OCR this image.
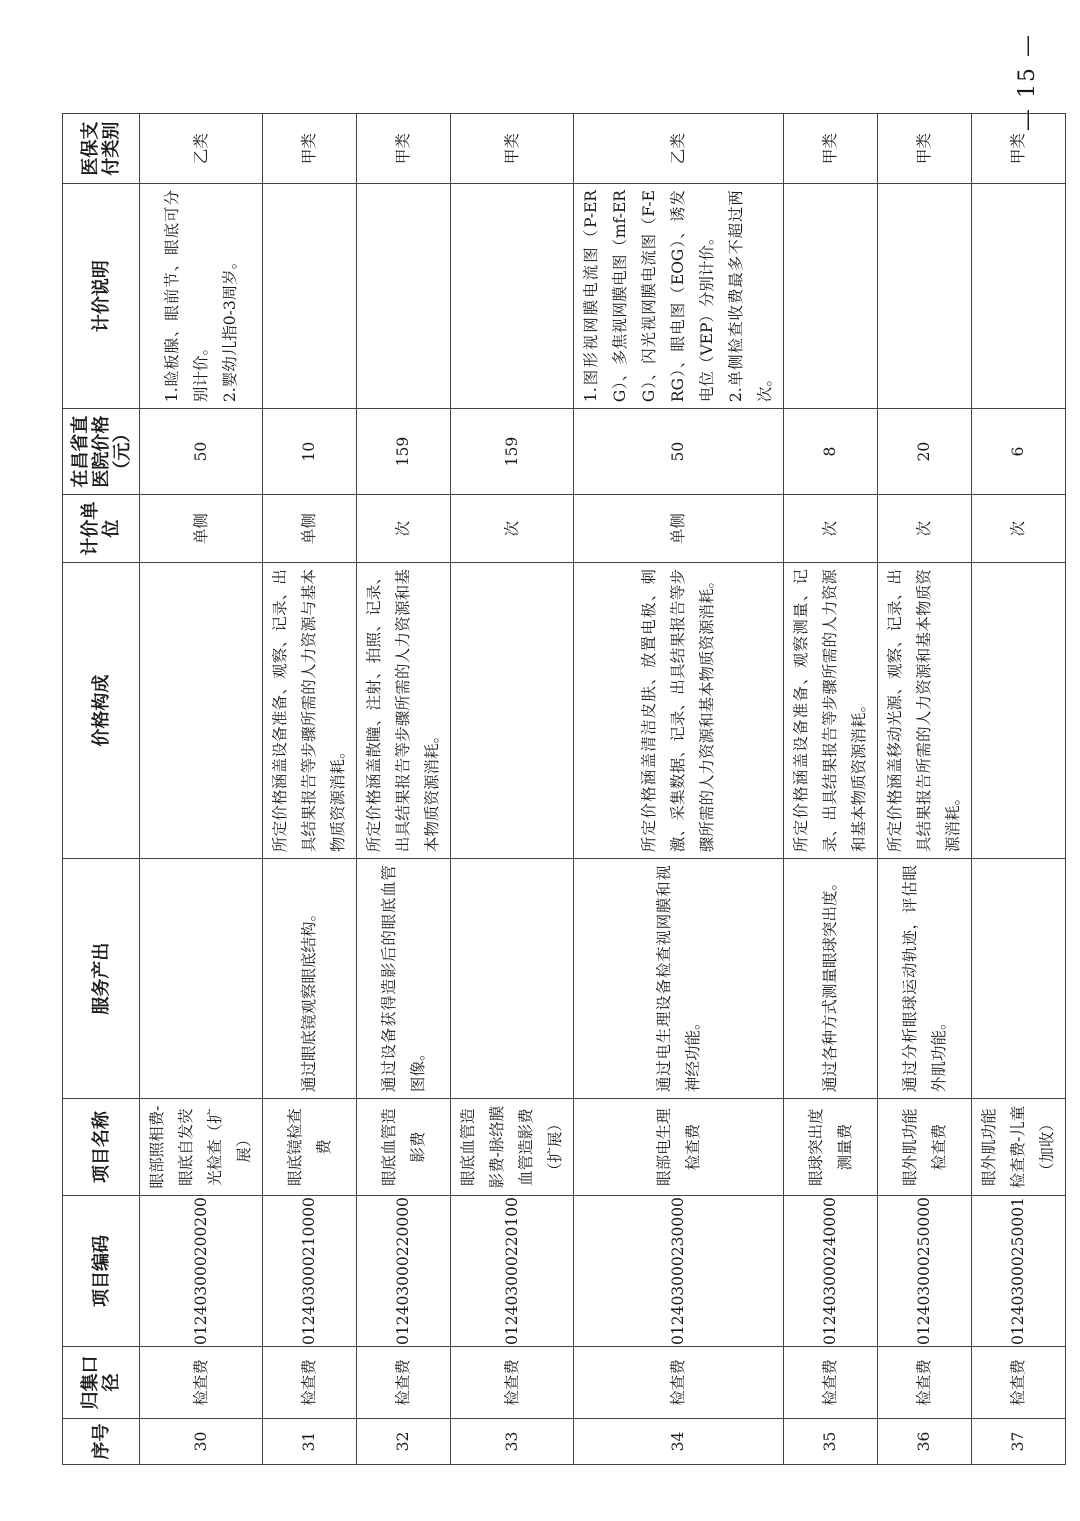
序号	归集口径	项目编码	项目名称	服务产出	价格构成	计价单位	在昌省直医院价格（元）	计价说明	医保支付类别
30	检查费	012403000200200	眼部照相费-眼底自发荧光检查（扩展）			单侧	50	1.睑板腺、眼前节、眼底可分别计价。 2.婴幼儿指0-3周岁。	乙类
31	检查费	012403000210000	眼底镜检查费	通过眼底镜观察眼底结构。	所定价格涵盖设备准备、观察、记录、出具结果报告等步骤所需的人力资源与基本物质资源消耗。	单侧	10		甲类
32	检查费	012403000220000	眼底血管造影费	通过设备获得造影后的眼底血管图像。	所定价格涵盖散瞳、注射、拍照、记录、出具结果报告等步骤所需的人力资源和基本物质资源消耗。	次	159		甲类
33	检查费	012403000220100	眼底血管造影费-脉络膜血管造影费（扩展）			次	159		甲类
34	检查费	012403000230000	眼部电生理检查费	通过电生理设备检查视网膜和视神经功能。	所定价格涵盖清洁皮肤、放置电极、刺激、采集数据、记录、出具结果报告等步骤所需的人力资源和基本物质资源消耗。	单侧	50	1.图形视网膜电流图（P-ERG）、多焦视网膜电图（mf-ERG）、闪光视网膜电流图（F-ERG）、眼电图（EOG）、诱发电位（VEP）分别计价。 2.单侧检查收费最多不超过两次。	乙类
35	检查费	012403000240000	眼球突出度测量费	通过各种方式测量眼球突出度。	所定价格涵盖设备准备、观察测量、记录、出具结果报告等步骤所需的人力资源和基本物质资源消耗。	次	8		甲类
36	检查费	012403000250000	眼外肌功能检查费	通过分析眼球运动轨迹，评估眼外肌功能。	所定价格涵盖移动光源、观察、记录、出具结果报告所需的人力资源和基本物质资源消耗。	次	20		甲类
37	检查费	012403000250001	眼外肌功能检查费-儿童（加收）			次	6		甲类
— 15 —
